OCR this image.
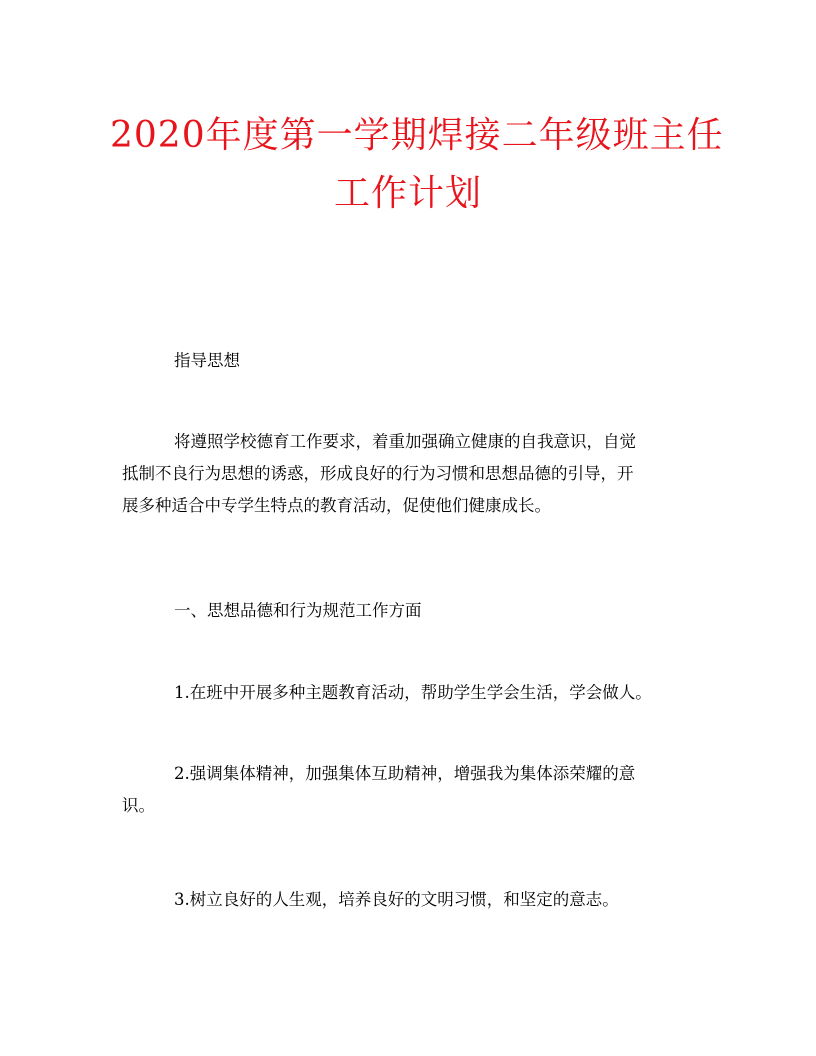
2020年度第一学期焊接二年级班主任
工作计划
指导思想
将遵照学校德育工作要求，着重加强确立健康的自我意识，自觉
抵制不良行为思想的诱惑，形成良好的行为习惯和思想品德的引导，开
展多种适合中专学生特点的教育活动，促使他们健康成长。
一、思想品德和行为规范工作方面
1.在班中开展多种主题教育活动，帮助学生学会生活，学会做人。
2.强调集体精神，加强集体互助精神，增强我为集体添荣耀的意
识。
3.树立良好的人生观，培养良好的文明习惯，和坚定的意志。
